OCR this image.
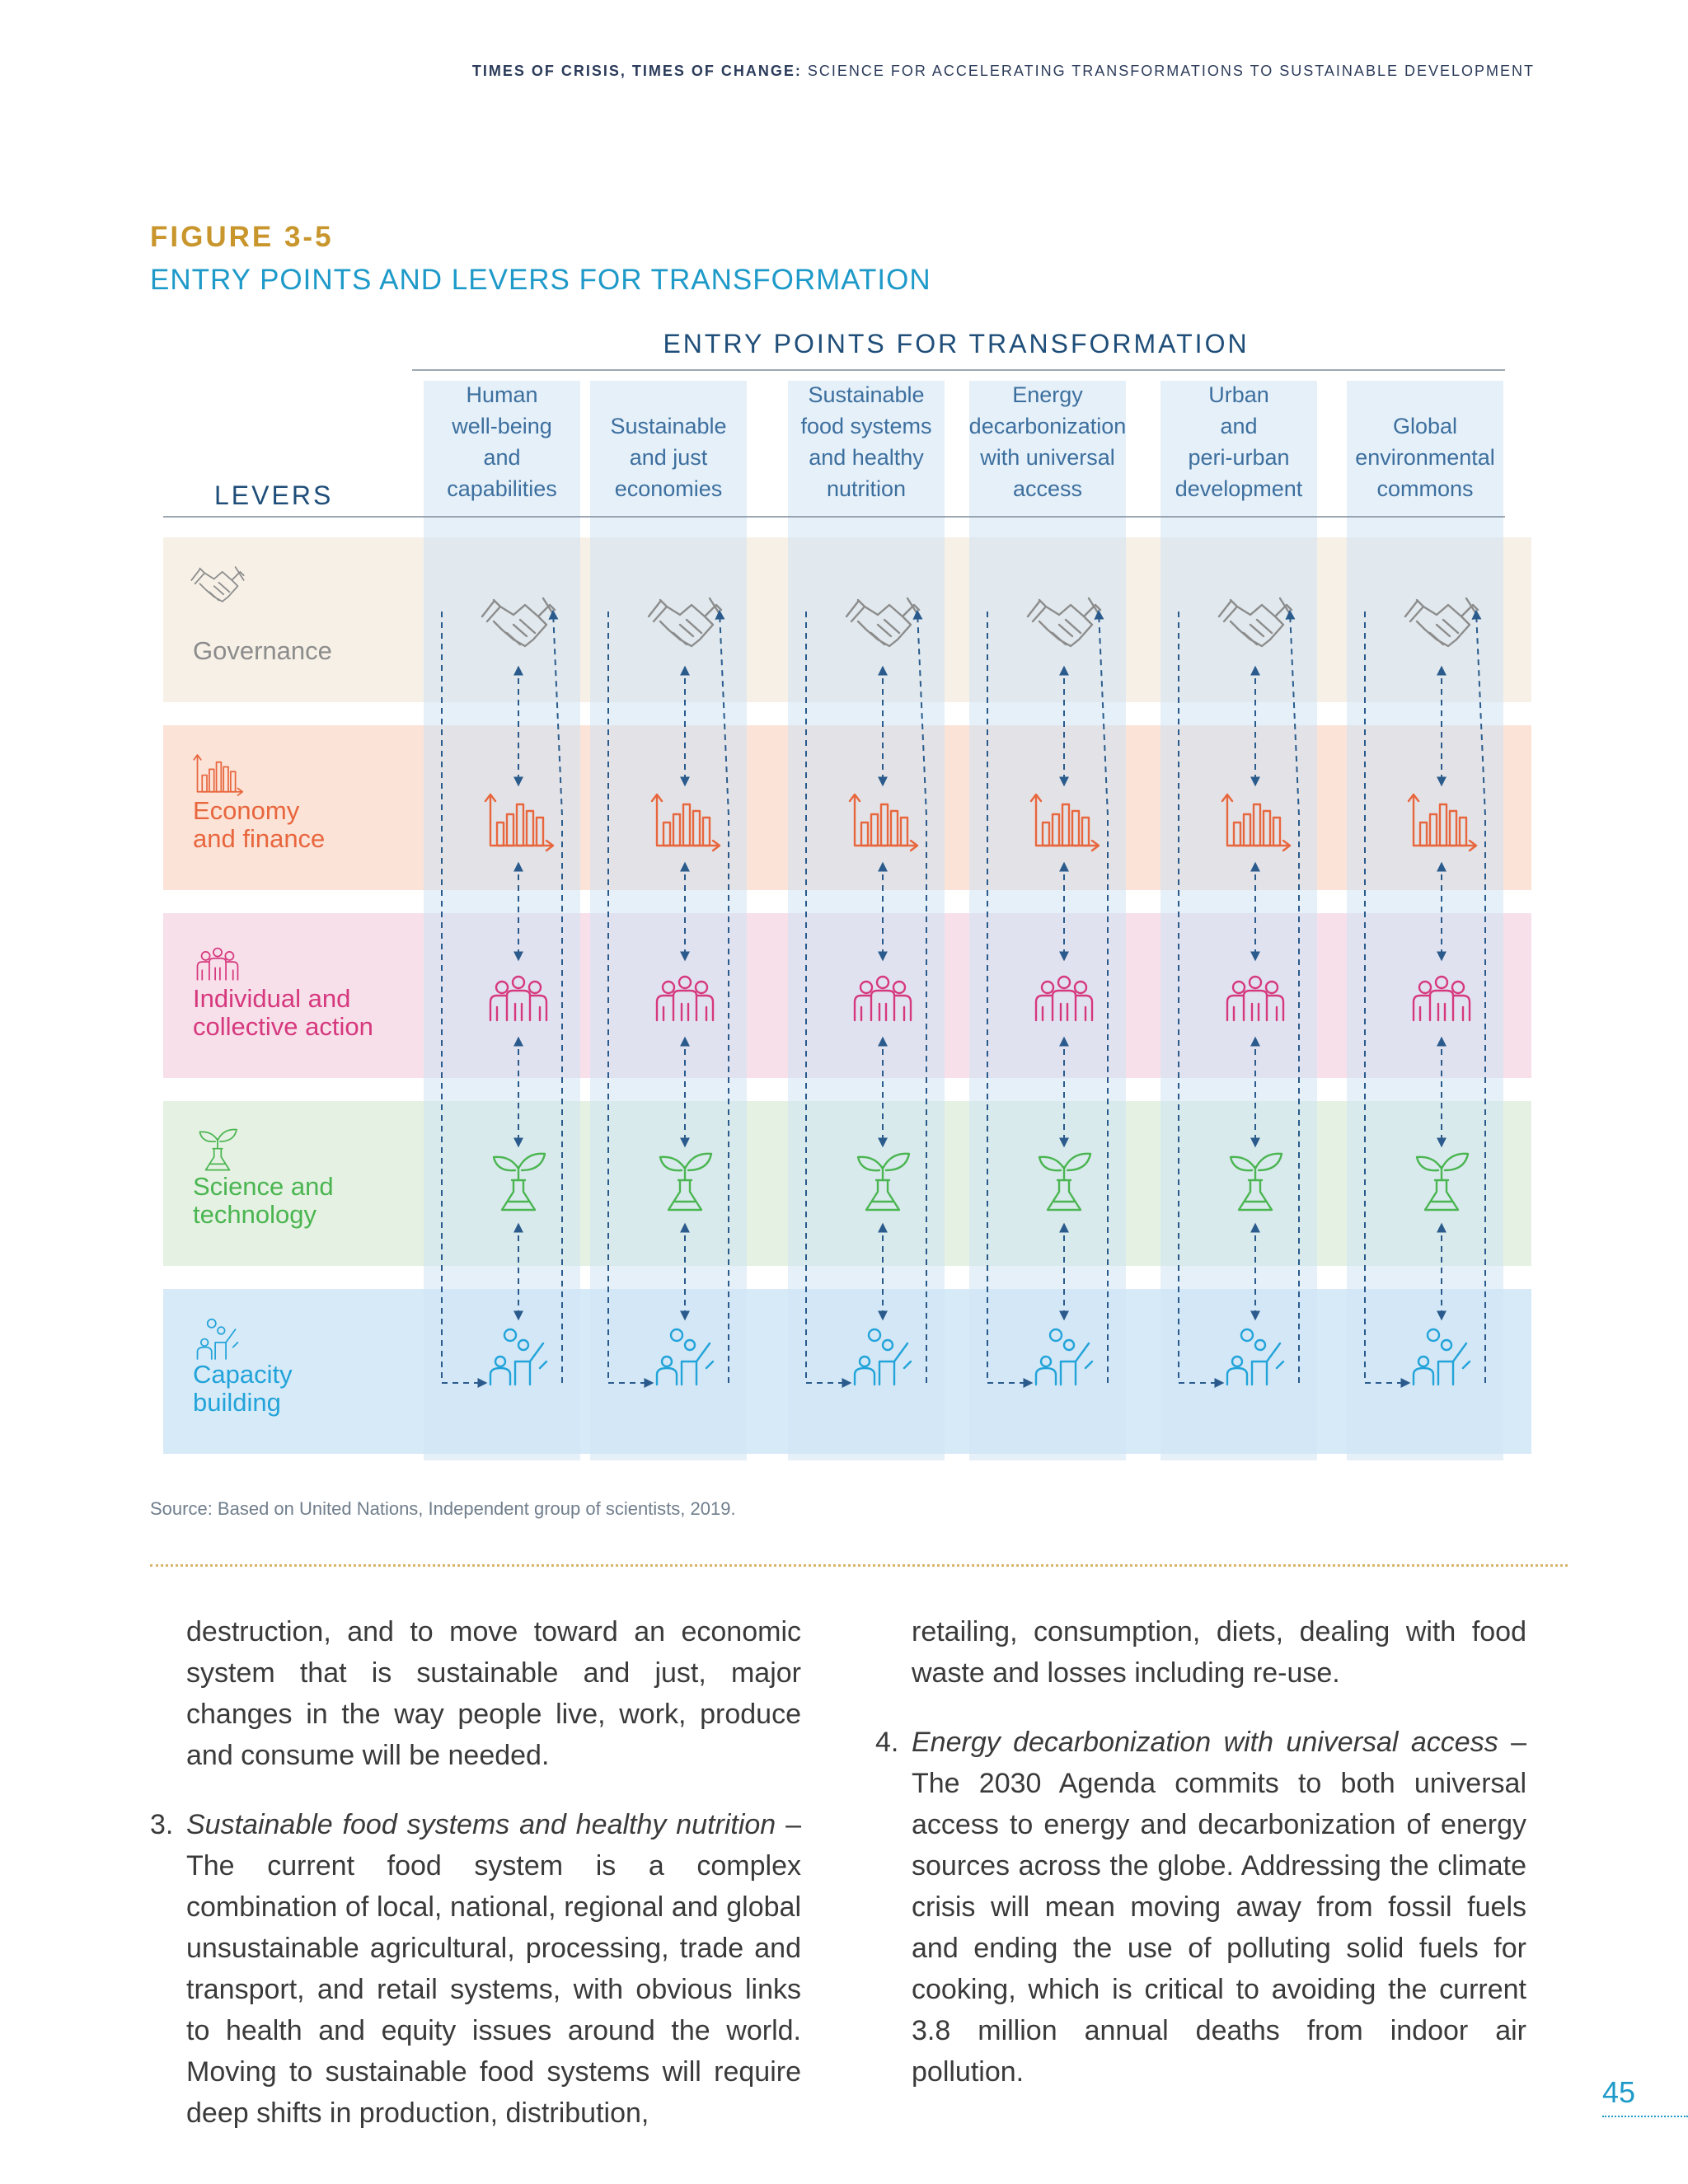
TIMES OF CRISIS, TIMES OF CHANGE: SCIENCE FOR ACCELERATING TRANSFORMATIONS TO SUSTAINABLE DEVELOPMENT
FIGURE 3-5
ENTRY POINTS AND LEVERS FOR TRANSFORMATION
ENTRY POINTS FOR TRANSFORMATION
LEVERS
Human
well-being
and
capabilities
Sustainable
and just
economies
Sustainable
food systems
and healthy
nutrition
Energy
decarbonization
with universal
access
Urban
and
peri-urban
development
Global
environmental
commons
Governance
Economy
and finance
Individual and
collective action
Science and
technology
Capacity
building
Source: Based on United Nations, Independent group of scientists, 2019.

destruction, and to move toward an economic system that is sustainable and just, major changes in the way people live, work, produce and consume will be needed.

3. Sustainable food systems and healthy nutrition – The current food system is a complex combination of local, national, regional and global unsustainable agricultural, processing, trade and transport, and retail systems, with obvious links to health and equity issues around the world. Moving to sustainable food systems will require deep shifts in production, distribution,

retailing, consumption, diets, dealing with food waste and losses including re-use.

4. Energy decarbonization with universal access – The 2030 Agenda commits to both universal access to energy and decarbonization of energy sources across the globe. Addressing the climate crisis will mean moving away from fossil fuels and ending the use of polluting solid fuels for cooking, which is critical to avoiding the current 3.8 million annual deaths from indoor air pollution.

45
